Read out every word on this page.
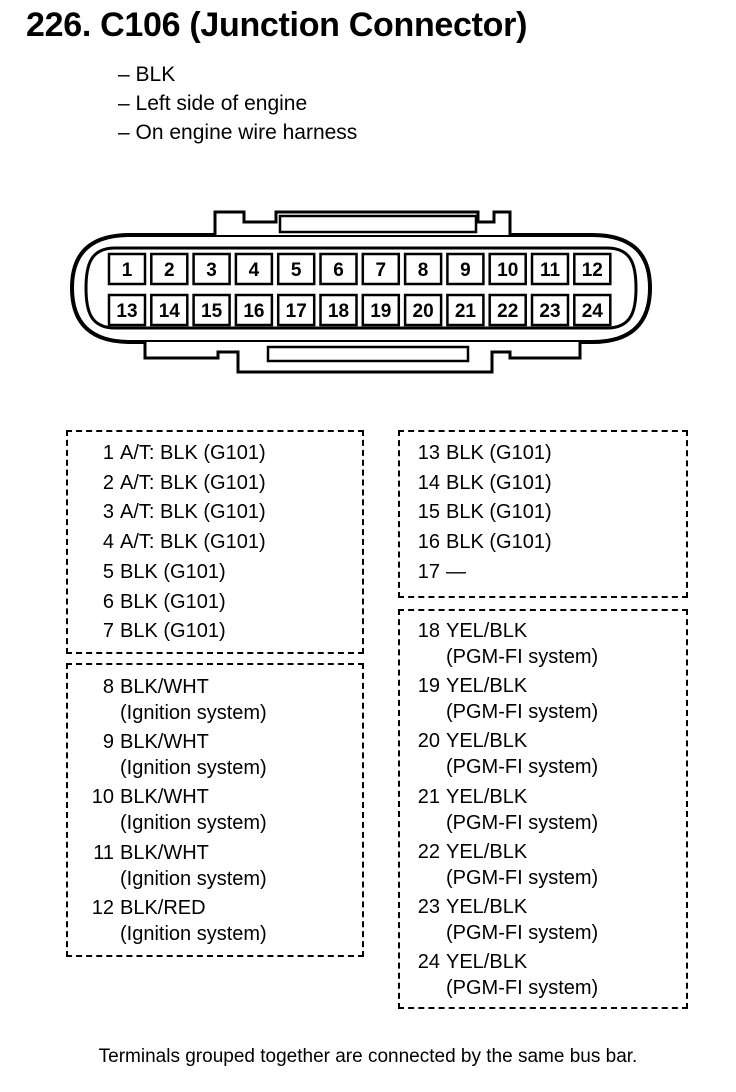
226. C106 (Junction Connector)
– BLK
– Left side of engine
– On engine wire harness
1 2 3 4 5 6 7 8 9 10 11 12
13 14 15 16 17 18 19 20 21 22 23 24
1 A/T: BLK (G101)
2 A/T: BLK (G101)
3 A/T: BLK (G101)
4 A/T: BLK (G101)
5 BLK (G101)
6 BLK (G101)
7 BLK (G101)
8 BLK/WHT
(Ignition system)
9 BLK/WHT
(Ignition system)
10 BLK/WHT
(Ignition system)
11 BLK/WHT
(Ignition system)
12 BLK/RED
(Ignition system)
13 BLK (G101)
14 BLK (G101)
15 BLK (G101)
16 BLK (G101)
17 —
18 YEL/BLK
(PGM-FI system)
19 YEL/BLK
(PGM-FI system)
20 YEL/BLK
(PGM-FI system)
21 YEL/BLK
(PGM-FI system)
22 YEL/BLK
(PGM-FI system)
23 YEL/BLK
(PGM-FI system)
24 YEL/BLK
(PGM-FI system)
Terminals grouped together are connected by the same bus bar.
